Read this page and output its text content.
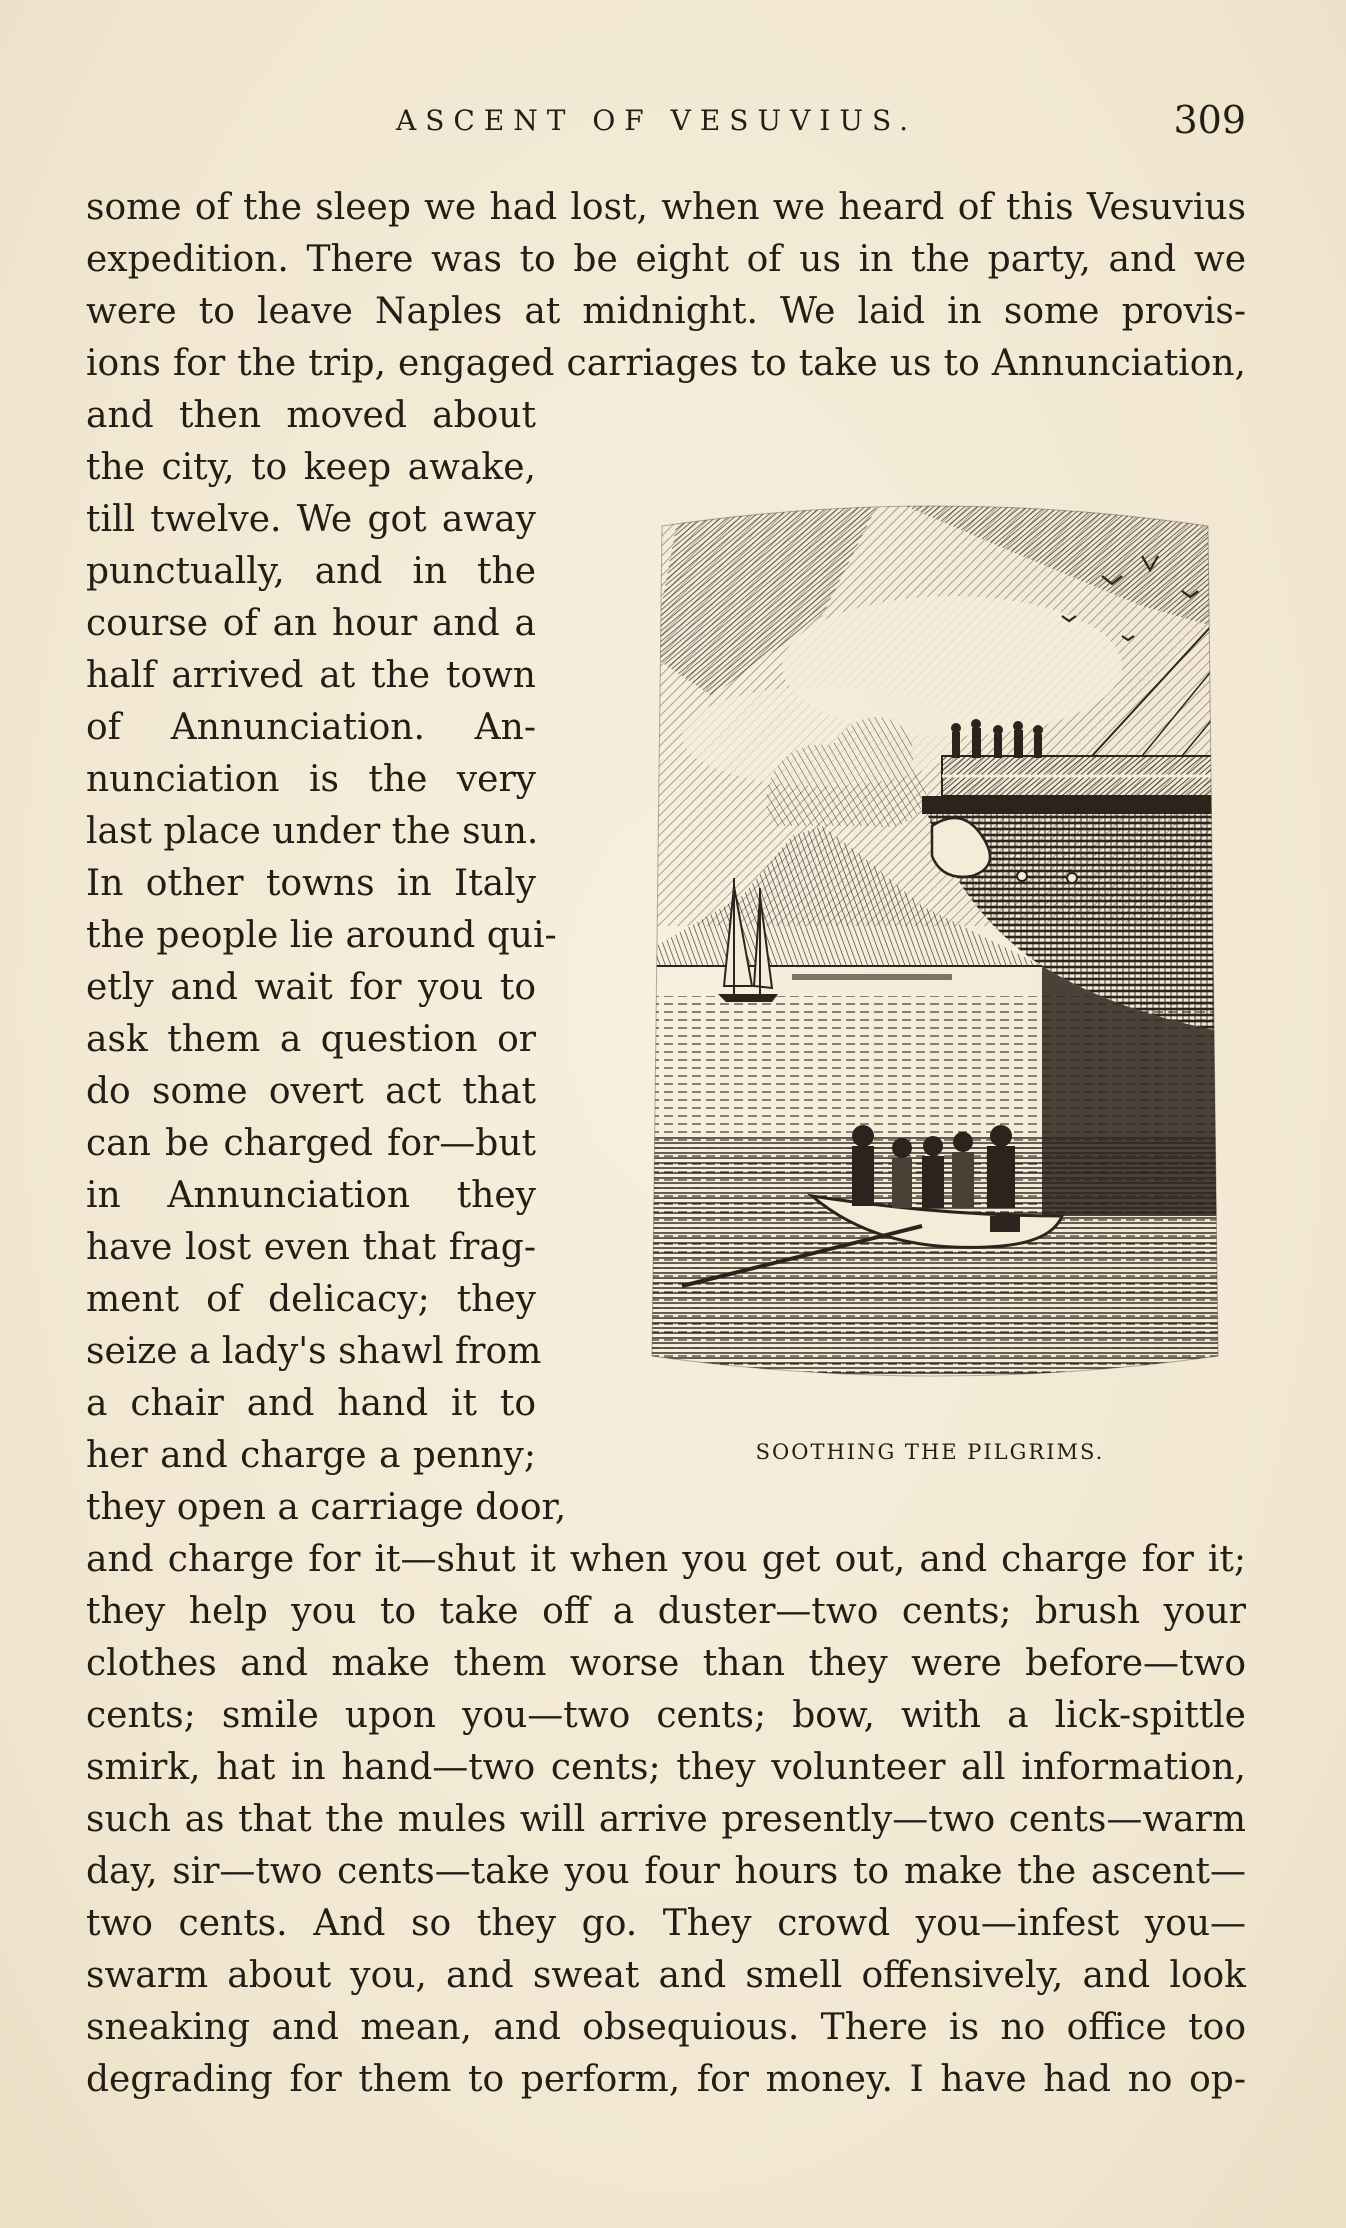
ASCENT OF VESUVIUS.	309
some of the sleep we had lost, when we heard of this Vesuvius
expedition. There was to be eight of us in the party, and we
were to leave Naples at midnight. We laid in some provis-
ions for the trip, engaged carriages to take us to Annunciation,
and then moved about
the city, to keep awake,
till twelve. We got away
punctually, and in the
course of an hour and a
half arrived at the town
of Annunciation. An-
nunciation is the very
last place under the sun.
In other towns in Italy
the people lie around qui-
etly and wait for you to
ask them a question or
do some overt act that
can be charged for—but
in Annunciation they
have lost even that frag-
ment of delicacy; they
seize a lady's shawl from
a chair and hand it to
her and charge a penny;
they open a carriage door,
and charge for it—shut it when you get out, and charge for it;
they help you to take off a duster—two cents; brush your
clothes and make them worse than they were before—two
cents; smile upon you—two cents; bow, with a lick-spittle
smirk, hat in hand—two cents; they volunteer all information,
such as that the mules will arrive presently—two cents—warm
day, sir—two cents—take you four hours to make the ascent—
two cents. And so they go. They crowd you—infest you—
swarm about you, and sweat and smell offensively, and look
sneaking and mean, and obsequious. There is no office too
degrading for them to perform, for money. I have had no op-
SOOTHING THE PILGRIMS.
